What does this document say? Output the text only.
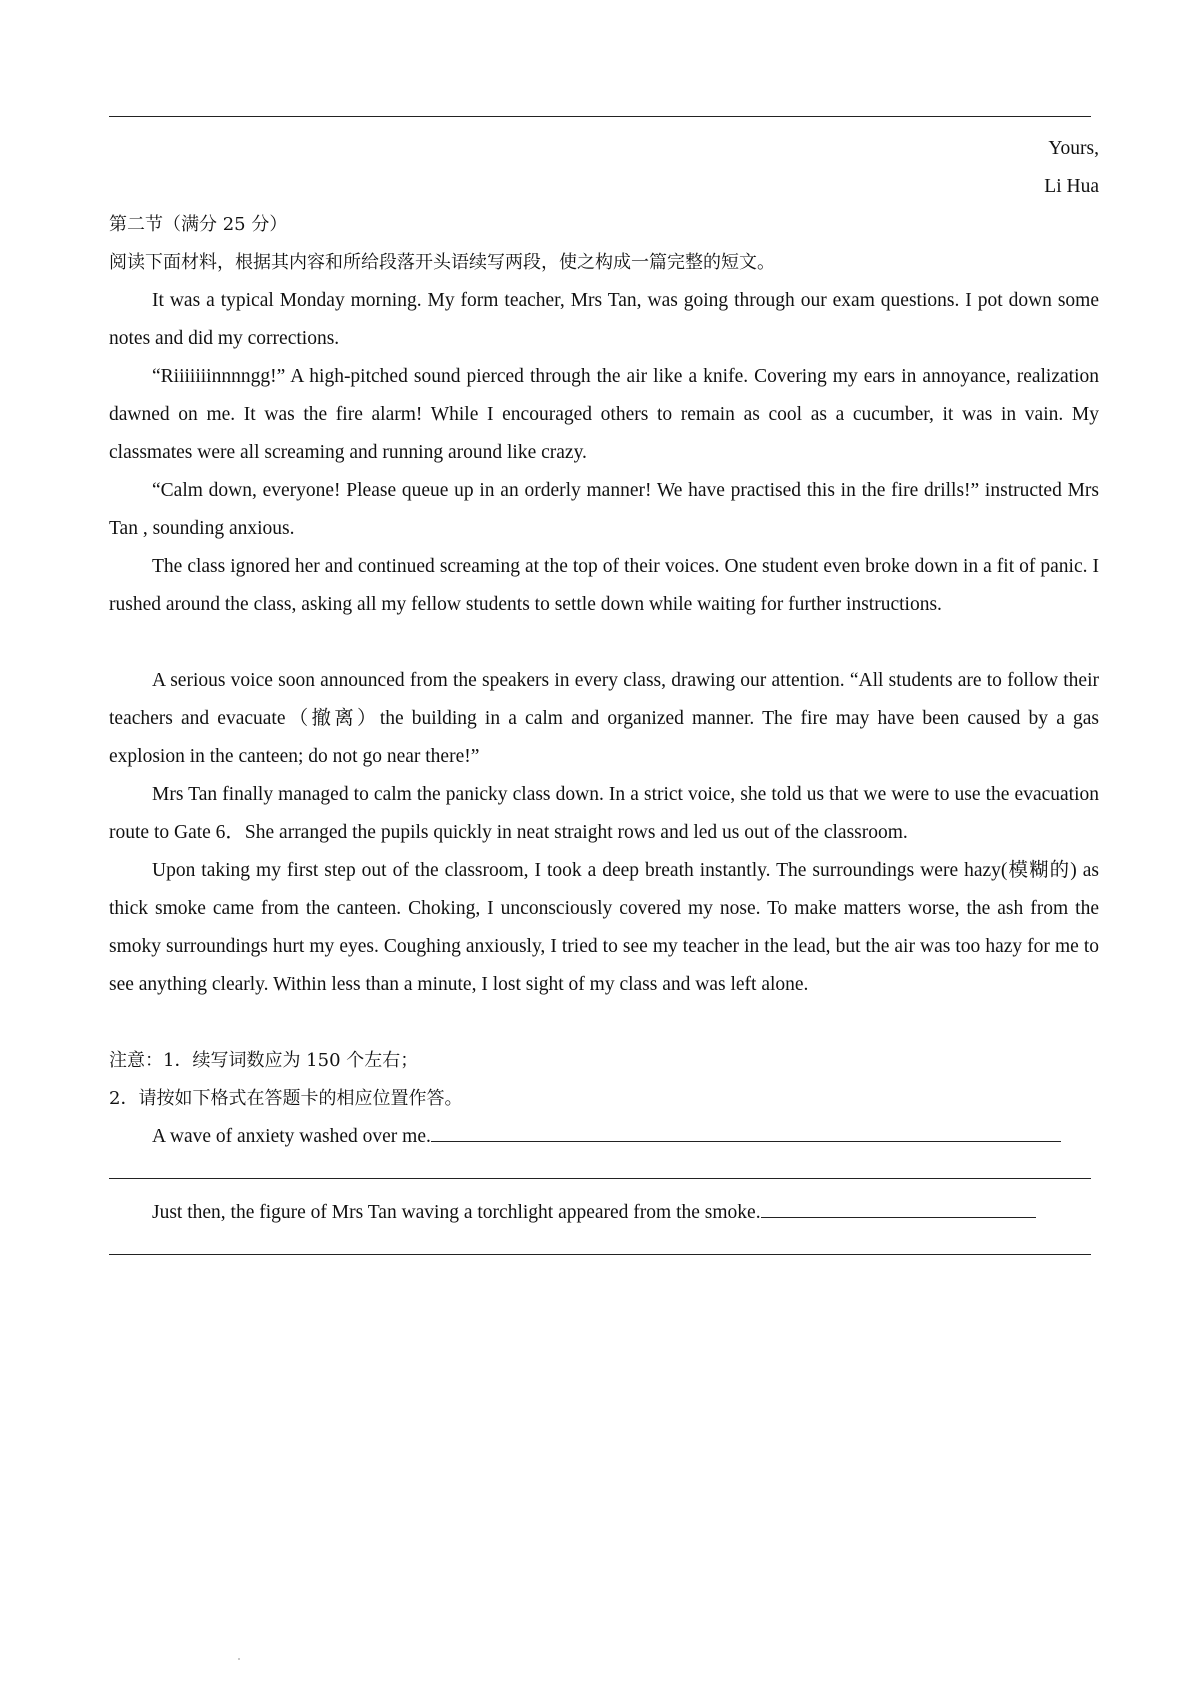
Yours,
Li Hua
第二节（满分 25 分）
阅读下面材料，根据其内容和所给段落开头语续写两段，使之构成一篇完整的短文。
It was a typical Monday morning. My form teacher, Mrs Tan, was going through our exam questions. I pot down some notes and did my corrections.
“Riiiiiiinnnngg!” A high-pitched sound pierced through the air like a knife. Covering my ears in annoyance, realization dawned on me. It was the fire alarm! While I encouraged others to remain as cool as a cucumber, it was in vain. My classmates were all screaming and running around like crazy.
“Calm down, everyone! Please queue up in an orderly manner! We have practised this in the fire drills!” instructed Mrs Tan , sounding anxious.
The class ignored her and continued screaming at the top of their voices. One student even broke down in a fit of panic. I rushed around the class, asking all my fellow students to settle down while waiting for further instructions.
A serious voice soon announced from the speakers in every class, drawing our attention. “All students are to follow their teachers and evacuate（撤离）the building in a calm and organized manner. The fire may have been caused by a gas explosion in the canteen; do not go near there!”
Mrs Tan finally managed to calm the panicky class down. In a strict voice, she told us that we were to use the evacuation route to Gate 6．She arranged the pupils quickly in neat straight rows and led us out of the classroom.
Upon taking my first step out of the classroom, I took a deep breath instantly. The surroundings were hazy(模糊的) as thick smoke came from the canteen. Choking, I unconsciously covered my nose. To make matters worse, the ash from the smoky surroundings hurt my eyes. Coughing anxiously, I tried to see my teacher in the lead, but the air was too hazy for me to see anything clearly. Within less than a minute, I lost sight of my class and was left alone.
注意：1．续写词数应为 150 个左右；
2．请按如下格式在答题卡的相应位置作答。
A wave of anxiety washed over me.
Just then, the figure of Mrs Tan waving a torchlight appeared from the smoke.
